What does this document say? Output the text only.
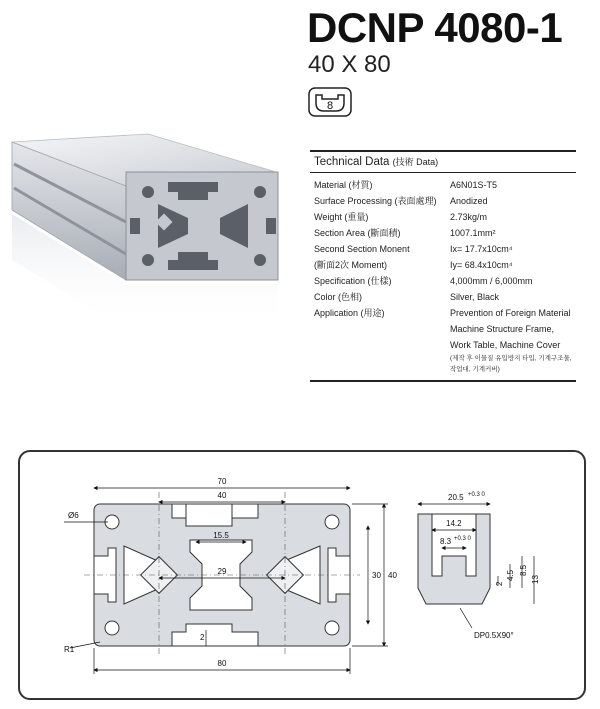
DCNP 4080-1
40 X 80
8
Technical Data (技術 Data)
Material (材質)	A6N01S-T5
Surface Processing (表面處理)	Anodized
Weight (重量)	2.73kg/m
Section Area (斷面積)	1007.1mm²
Second Section Monent	Ix= 17.7x10cm⁴
(斷面2次 Moment)	Iy= 68.4x10cm⁴
Specification (仕樣)	4,000mm / 6,000mm
Color (色相)	Silver, Black
Application (用途)	Prevention of Foreign Material
Machine Structure Frame,
Work Table, Machine Cover
(제작 후 이물질 유입방지 타입, 기계구조물,
작업대, 기계커버)
70
40
15.5
29
80
30 40
2
Ø6
R1
20.5 +0.3 0
14.2
8.3 +0.3 0
2
4.5 8.5
13
DP0.5X90°
